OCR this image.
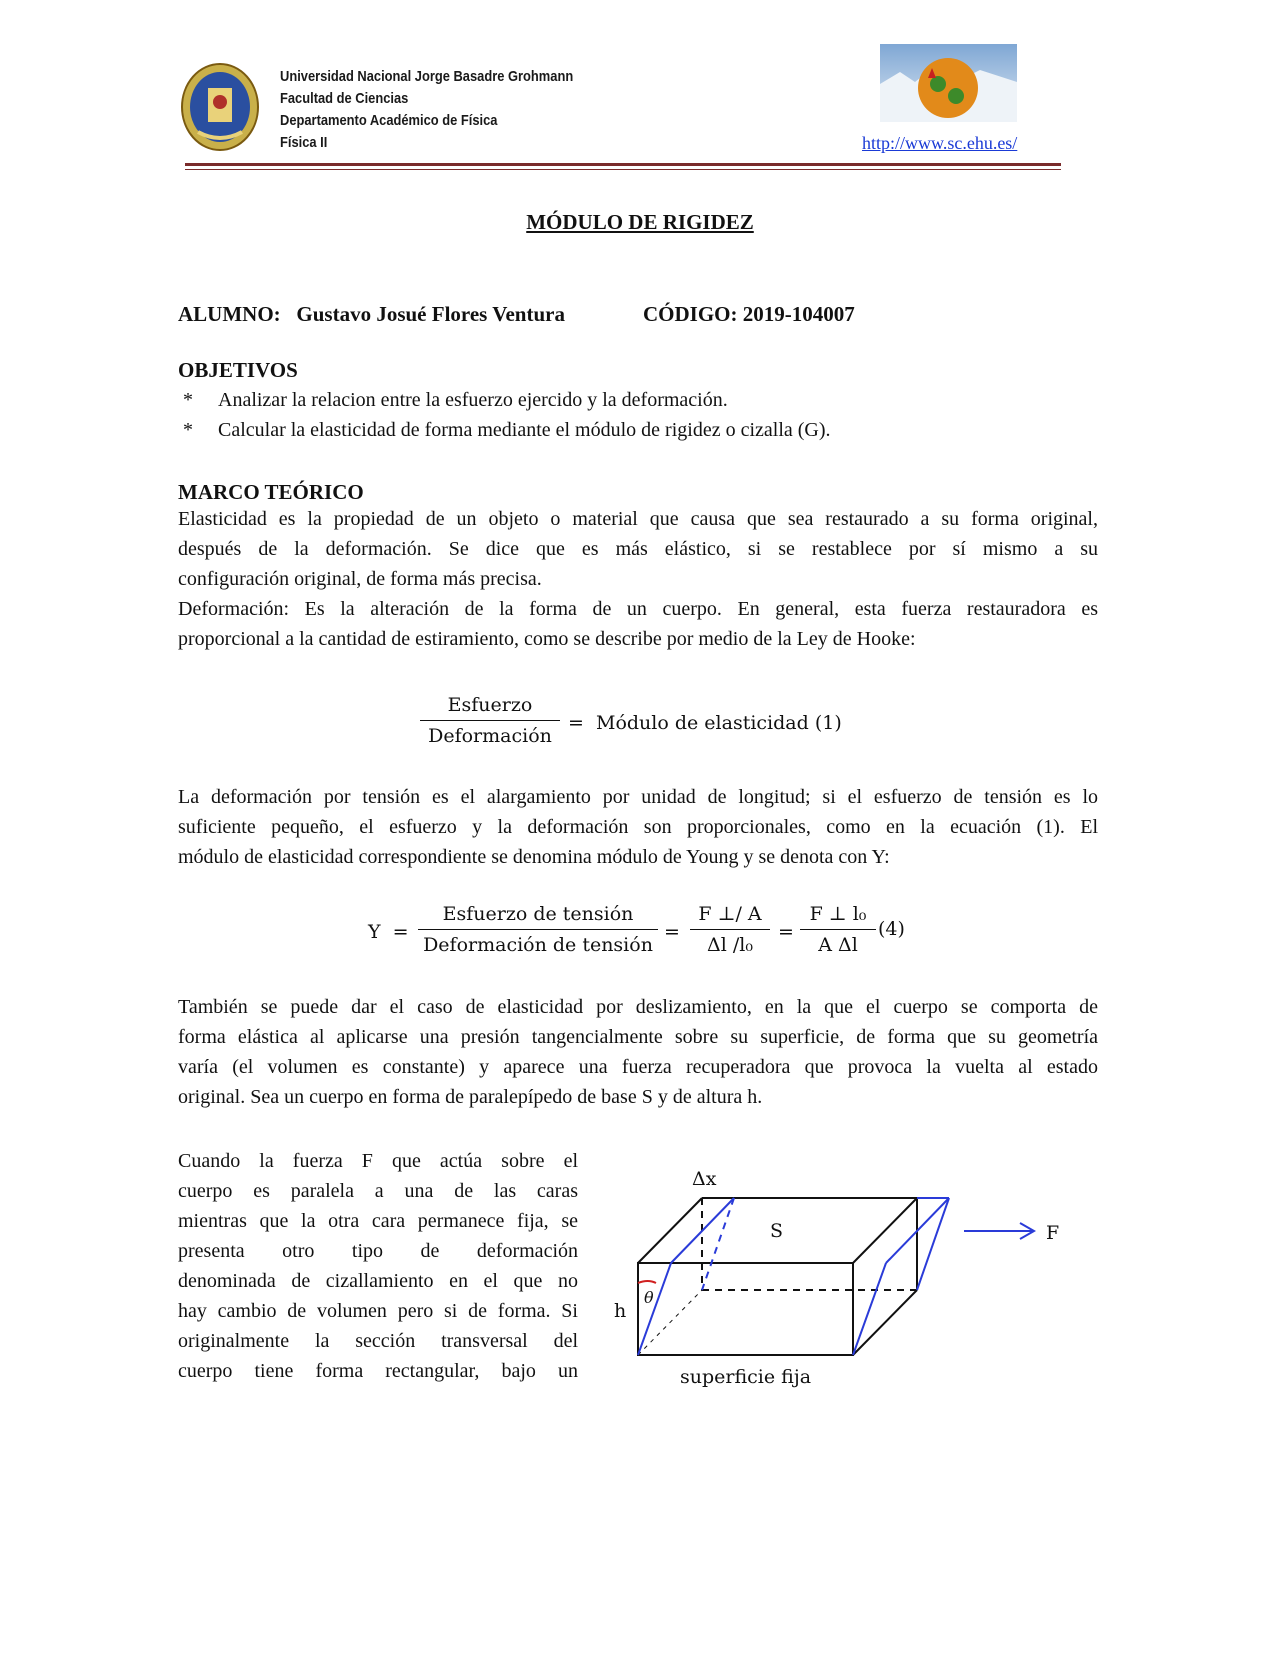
Universidad Nacional Jorge Basadre Grohmann
Facultad de Ciencias
Departamento Académico de Física
Física II	http://www.sc.ehu.es/
MÓDULO DE RIGIDEZ
ALUMNO: Gustavo Josué Flores Ventura	CÓDIGO: 2019-104007
OBJETIVOS
* Analizar la relacion entre la esfuerzo ejercido y la deformación.
* Calcular la elasticidad de forma mediante el módulo de rigidez o cizalla (G).
MARCO TEÓRICO
Elasticidad es la propiedad de un objeto o material que causa que sea restaurado a su forma original,
después de la deformación. Se dice que es más elástico, si se restablece por sí mismo a su
configuración original, de forma más precisa.
Deformación: Es la alteración de la forma de un cuerpo. En general, esta fuerza restauradora es
proporcional a la cantidad de estiramiento, como se describe por medio de la Ley de Hooke:
Esfuerzo
Deformación
=  Módulo de elasticidad (1)
La deformación por tensión es el alargamiento por unidad de longitud; si el esfuerzo de tensión es lo
suficiente pequeño, el esfuerzo y la deformación son proporcionales, como en la ecuación (1). El
módulo de elasticidad correspondiente se denomina módulo de Young y se denota con Y:
Y  =
Esfuerzo de tensión
Deformación de tensión
= $\frac{F \perp/ A}{\text{Δl /l₀}} = \frac{\text{F ⊥ l₀}}{\text{A Δl}} (4)$
También se puede dar el caso de elasticidad por deslizamiento, en la que el cuerpo se comporta de
forma elástica al aplicarse una presión tangencialmente sobre su superficie, de forma que su geometría
varía (el volumen es constante) y aparece una fuerza recuperadora que provoca la vuelta al estado
original. Sea un cuerpo en forma de paralepípedo de base S y de altura h.
Cuando la fuerza F que actúa sobre el
cuerpo es paralela a una de las caras
mientras que la otra cara permanece fija, se
presenta otro tipo de deformación
denominada de cizallamiento en el que no
hay cambio de volumen pero si de forma. Si
originalmente la sección transversal del
cuerpo tiene forma rectangular, bajo un
Δx
S
h
θ
F
superficie fija
